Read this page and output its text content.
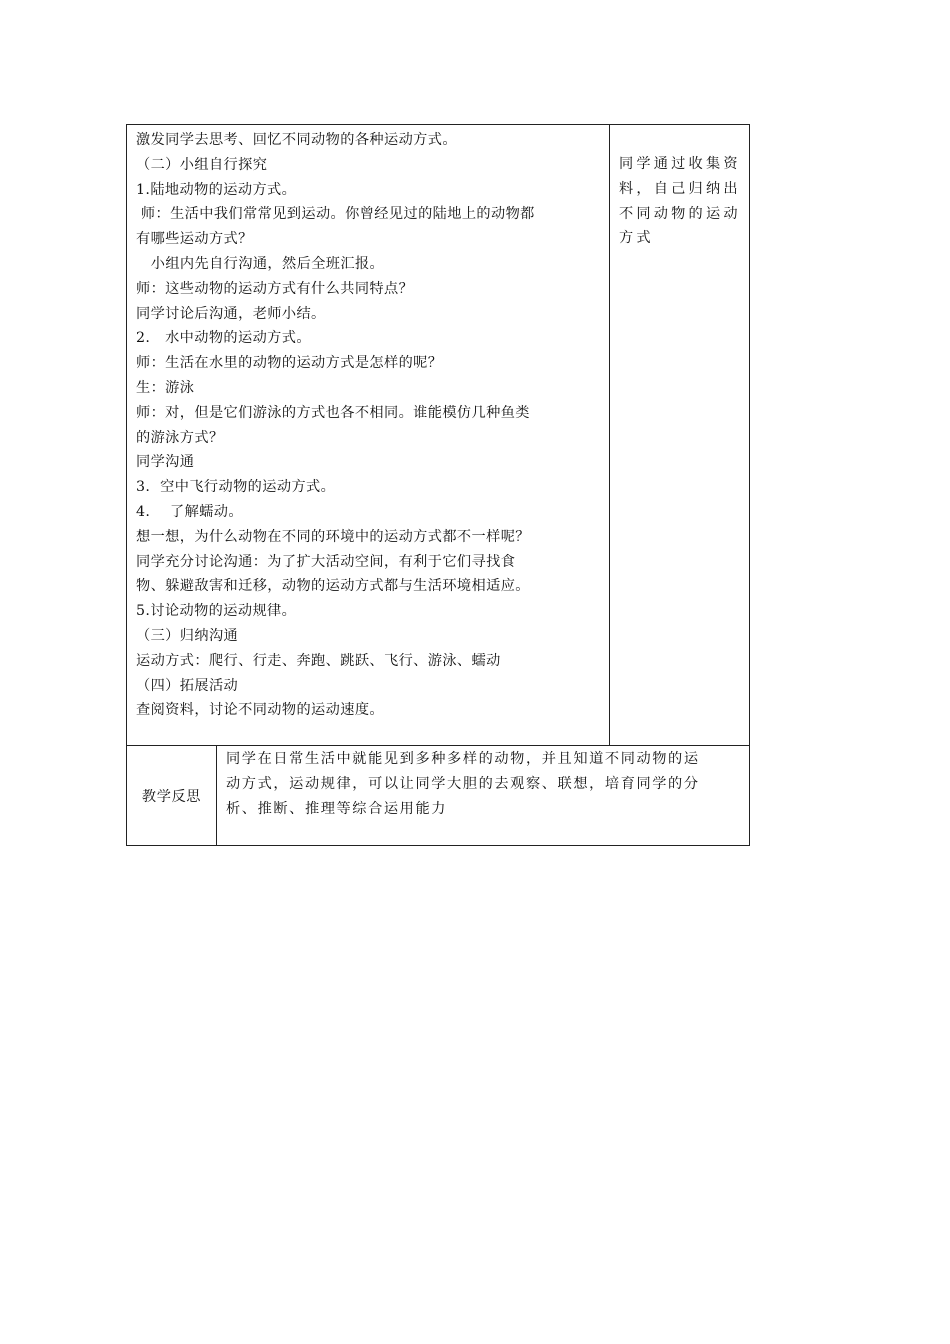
激发同学去思考、回忆不同动物的各种运动方式。
（二）小组自行探究
1.陆地动物的运动方式。
师：生活中我们常常见到运动。你曾经见过的陆地上的动物都
有哪些运动方式？
小组内先自行沟通，然后全班汇报。
师：这些动物的运动方式有什么共同特点？
同学讨论后沟通，老师小结。
2.   水中动物的运动方式。
师：生活在水里的动物的运动方式是怎样的呢？
生：游泳
师：对，但是它们游泳的方式也各不相同。谁能模仿几种鱼类
的游泳方式？
同学沟通
3.  空中飞行动物的运动方式。
4.    了解蠕动。
想一想，为什么动物在不同的环境中的运动方式都不一样呢？
同学充分讨论沟通：为了扩大活动空间，有利于它们寻找食
物、躲避敌害和迁移，动物的运动方式都与生活环境相适应。
5.讨论动物的运动规律。
（三）归纳沟通
运动方式：爬行、行走、奔跑、跳跃、飞行、游泳、蠕动
（四）拓展活动
查阅资料，讨论不同动物的运动速度。
同学通过收集资
料，自己归纳出
不同动物的运动
方式
教学反思
同学在日常生活中就能见到多种多样的动物，并且知道不同动物的运
动方式，运动规律，可以让同学大胆的去观察、联想，培育同学的分
析、推断、推理等综合运用能力
